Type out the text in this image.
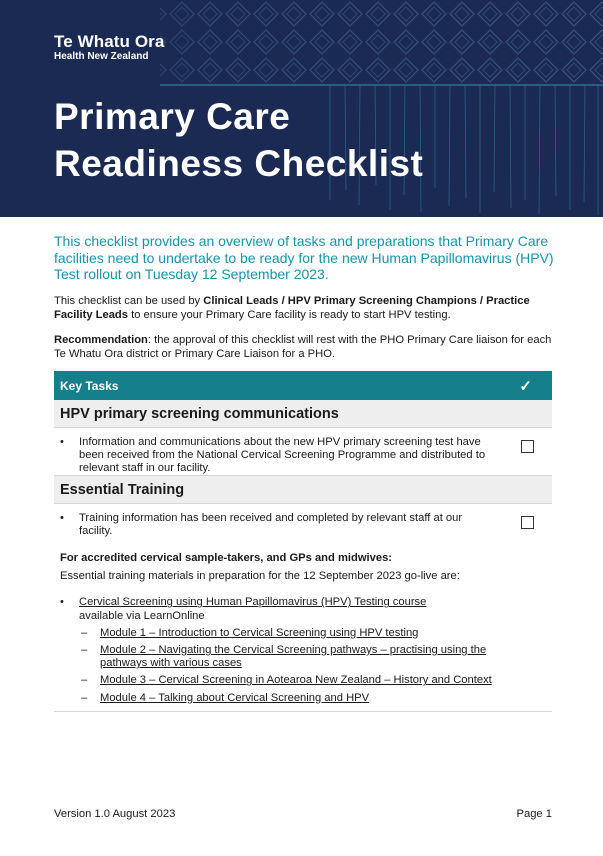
Te Whatu Ora
Health New Zealand
Primary Care
Readiness Checklist

This checklist provides an overview of tasks and preparations that Primary Care facilities need to undertake to be ready for the new Human Papillomavirus (HPV) Test rollout on Tuesday 12 September 2023.

This checklist can be used by Clinical Leads / HPV Primary Screening Champions / Practice Facility Leads to ensure your Primary Care facility is ready to start HPV testing.

Recommendation: the approval of this checklist will rest with the PHO Primary Care liaison for each Te Whatu Ora district or Primary Care Liaison for a PHO.

Key Tasks	✓
HPV primary screening communications
• Information and communications about the new HPV primary screening test have been received from the National Cervical Screening Programme and distributed to relevant staff in our facility.
Essential Training
• Training information has been received and completed by relevant staff at our facility.
For accredited cervical sample-takers, and GPs and midwives:
Essential training materials in preparation for the 12 September 2023 go-live are:
• Cervical Screening using Human Papillomavirus (HPV) Testing course
available via LearnOnline
– Module 1 – Introduction to Cervical Screening using HPV testing
– Module 2 – Navigating the Cervical Screening pathways – practising using the pathways with various cases
– Module 3 – Cervical Screening in Aotearoa New Zealand – History and Context
– Module 4 – Talking about Cervical Screening and HPV
Version 1.0 August 2023	Page 1
